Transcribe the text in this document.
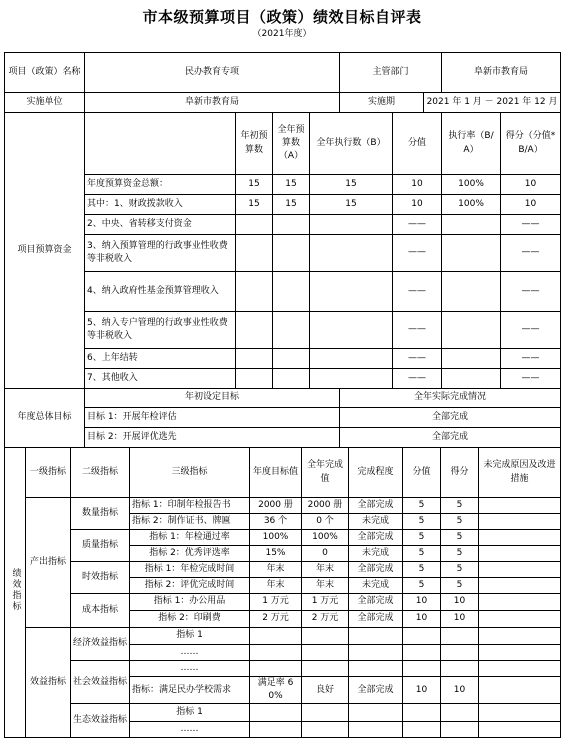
市本级预算项目（政策）绩效目标自评表
（2021年度）
项目（政策）名称	民办教育专项				主管部门			阜新市教育局	
实施单位	阜新市教育局				实施期		2021 年 1 月 － 2021 年 12 月		
项目预算资金		年初预算数	全年预算数（A）	全年执行数（B）		分值		执行率（B/A）	得分（分值*B/A）
	年度预算资金总额：	15	15	15		10		100%	10
	其中：1、财政拨款收入	15	15	15		10		100%	10
	2、中央、省转移支付资金					——			——
	3、纳入预算管理的行政事业性收费等非税收入					——			——
	4、纳入政府性基金预算管理收入					——			——
	5、纳入专户管理的行政事业性收费等非税收入					——			——
	6、上年结转					——			——
	7、其他收入					——			——
年度总体目标	年初设定目标				全年实际完成情况				
	目标 1：开展年检评估				全部完成				
	目标 2：开展评优选先				全部完成				
绩效指标	一级指标	二级指标	三级指标	年度目标值	全年完成值	完成程度	分值	得分	未完成原因及改进措施
	产出指标	数量指标	指标 1：印制年检报告书	2000 册	2000 册	全部完成	5	5	
			指标 2：制作证书、牌匾	36 个	0 个	未完成	5	5	
		质量指标	指标 1：年检通过率	100%	100%	全部完成	5	5	
			指标 2：优秀评选率	15%	0	未完成	5	5	
		时效指标	指标 1：年检完成时间	年末	年末	全部完成	5	5	
			指标 2：评优完成时间	年末	年末	未完成	5	5	
		成本指标	指标 1：办公用品	1 万元	1 万元	全部完成	10	10	
			指标 2：印刷费	2 万元	2 万元	全部完成	10	10	
	效益指标	经济效益指标	指标 1						
			……						
		社会效益指标	……						
			指标：满足民办学校需求	满足率 60%	良好	全部完成	10	10	
		生态效益指标	指标 1						
			……						
